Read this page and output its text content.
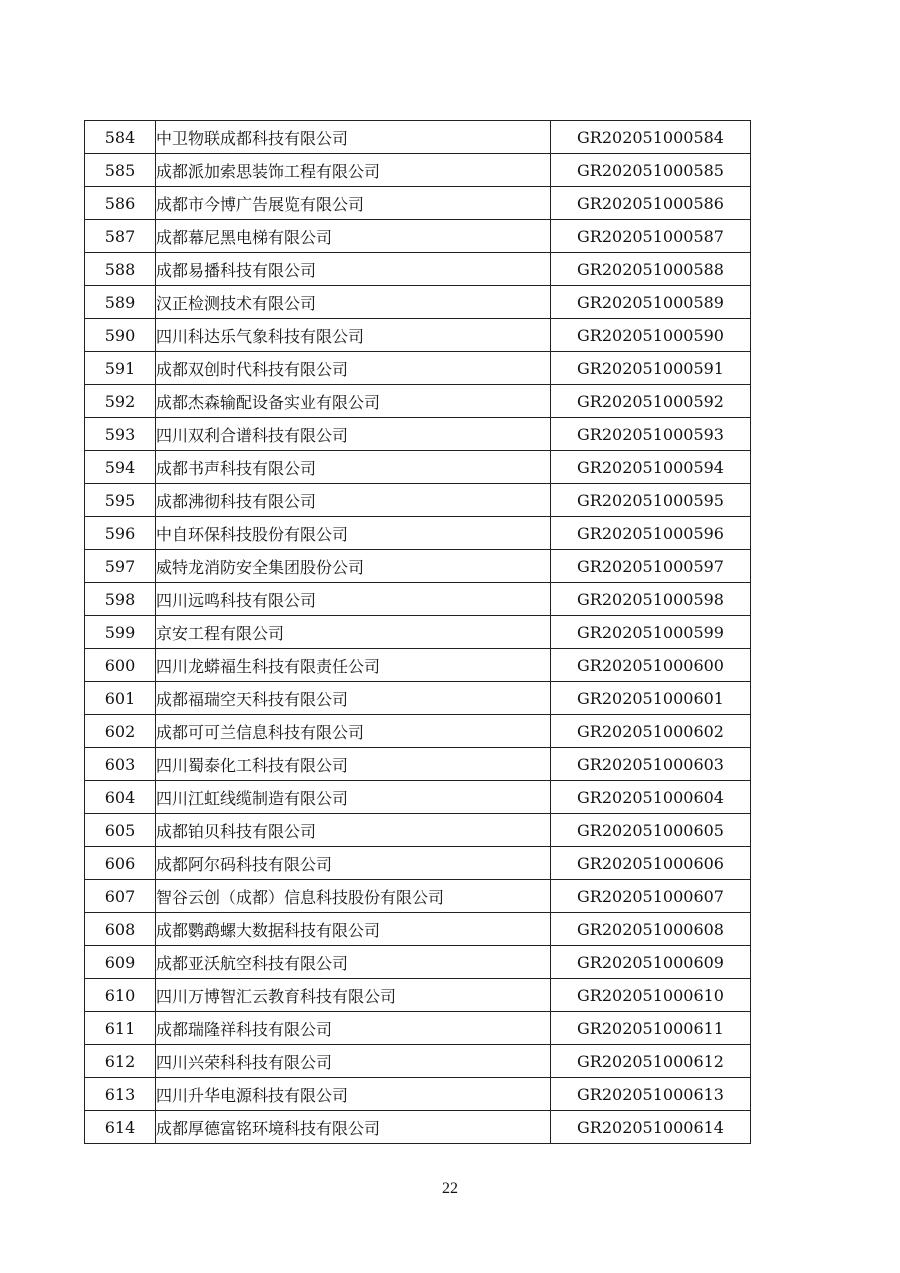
584	中卫物联成都科技有限公司	GR202051000584
585	成都派加索思装饰工程有限公司	GR202051000585
586	成都市今博广告展览有限公司	GR202051000586
587	成都幕尼黑电梯有限公司	GR202051000587
588	成都易播科技有限公司	GR202051000588
589	汉正检测技术有限公司	GR202051000589
590	四川科达乐气象科技有限公司	GR202051000590
591	成都双创时代科技有限公司	GR202051000591
592	成都杰森输配设备实业有限公司	GR202051000592
593	四川双利合谱科技有限公司	GR202051000593
594	成都书声科技有限公司	GR202051000594
595	成都沸彻科技有限公司	GR202051000595
596	中自环保科技股份有限公司	GR202051000596
597	威特龙消防安全集团股份公司	GR202051000597
598	四川远鸣科技有限公司	GR202051000598
599	京安工程有限公司	GR202051000599
600	四川龙蟒福生科技有限责任公司	GR202051000600
601	成都福瑞空天科技有限公司	GR202051000601
602	成都可可兰信息科技有限公司	GR202051000602
603	四川蜀泰化工科技有限公司	GR202051000603
604	四川江虹线缆制造有限公司	GR202051000604
605	成都铂贝科技有限公司	GR202051000605
606	成都阿尔码科技有限公司	GR202051000606
607	智谷云创（成都）信息科技股份有限公司	GR202051000607
608	成都鹦鹉螺大数据科技有限公司	GR202051000608
609	成都亚沃航空科技有限公司	GR202051000609
610	四川万博智汇云教育科技有限公司	GR202051000610
611	成都瑞隆祥科技有限公司	GR202051000611
612	四川兴荣科科技有限公司	GR202051000612
613	四川升华电源科技有限公司	GR202051000613
614	成都厚德富铭环境科技有限公司	GR202051000614
22
